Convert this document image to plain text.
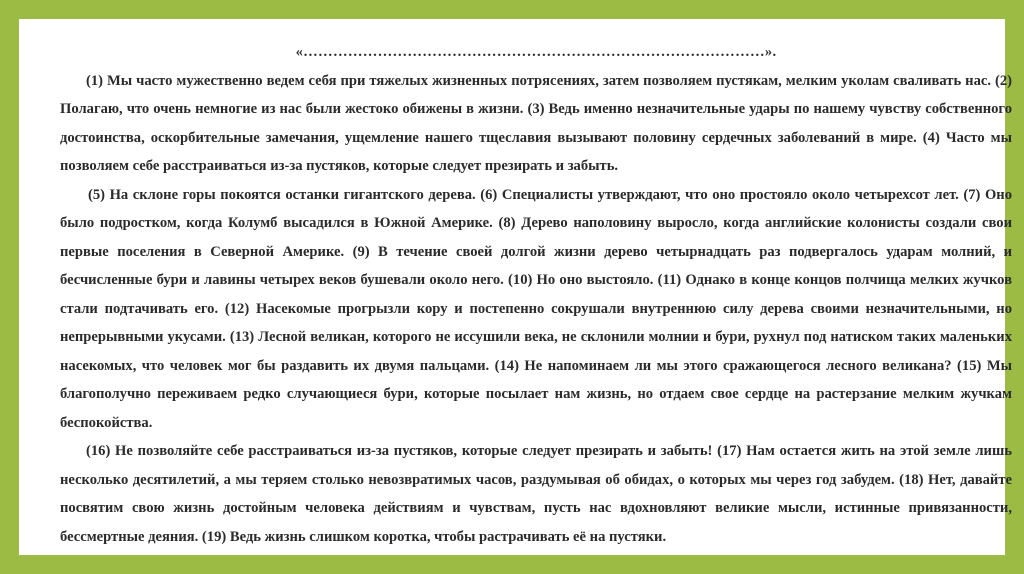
«…………………………………………………………………………………».

(1) Мы часто мужественно ведем себя при тяжелых жизненных потрясениях, затем позволяем пустякам, мелким уколам сваливать нас. (2) Полагаю, что очень немногие из нас были жестоко обижены в жизни. (3) Ведь именно незначительные удары по нашему чувству собственного достоинства, оскорбительные замечания, ущемление нашего тщеславия вызывают половину сердечных заболеваний в мире. (4) Часто мы позволяем себе расстраиваться из-за пустяков, которые следует презирать и забыть.

(5) На склоне горы покоятся останки гигантского дерева. (6) Специалисты утверждают, что оно простояло около четырехсот лет. (7) Оно было подростком, когда Колумб высадился в Южной Америке. (8) Дерево наполовину выросло, когда английские колонисты создали свои первые поселения в Северной Америке. (9) В течение своей долгой жизни дерево четырнадцать раз подвергалось ударам молний, и бесчисленные бури и лавины четырех веков бушевали около него. (10) Но оно выстояло. (11) Однако в конце концов полчища мелких жучков стали подтачивать его. (12) Насекомые прогрызли кору и постепенно сокрушали внутреннюю силу дерева своими незначительными, но непрерывными укусами. (13) Лесной великан, которого не иссушили века, не склонили молнии и бури, рухнул под натиском таких маленьких насекомых, что человек мог бы раздавить их двумя пальцами. (14) Не напоминаем ли мы этого сражающегося лесного великана? (15) Мы благополучно переживаем редко случающиеся бури, которые посылает нам жизнь, но отдаем свое сердце на растерзание мелким жучкам беспокойства.

(16) Не позволяйте себе расстраиваться из-за пустяков, которые следует презирать и забыть! (17) Нам остается жить на этой земле лишь несколько десятилетий, а мы теряем столько невозвратимых часов, раздумывая об обидах, о которых мы через год забудем. (18) Нет, давайте посвятим свою жизнь достойным человека действиям и чувствам, пусть нас вдохновляют великие мысли, истинные привязанности, бессмертные деяния. (19) Ведь жизнь слишком коротка, чтобы растрачивать её на пустяки.
